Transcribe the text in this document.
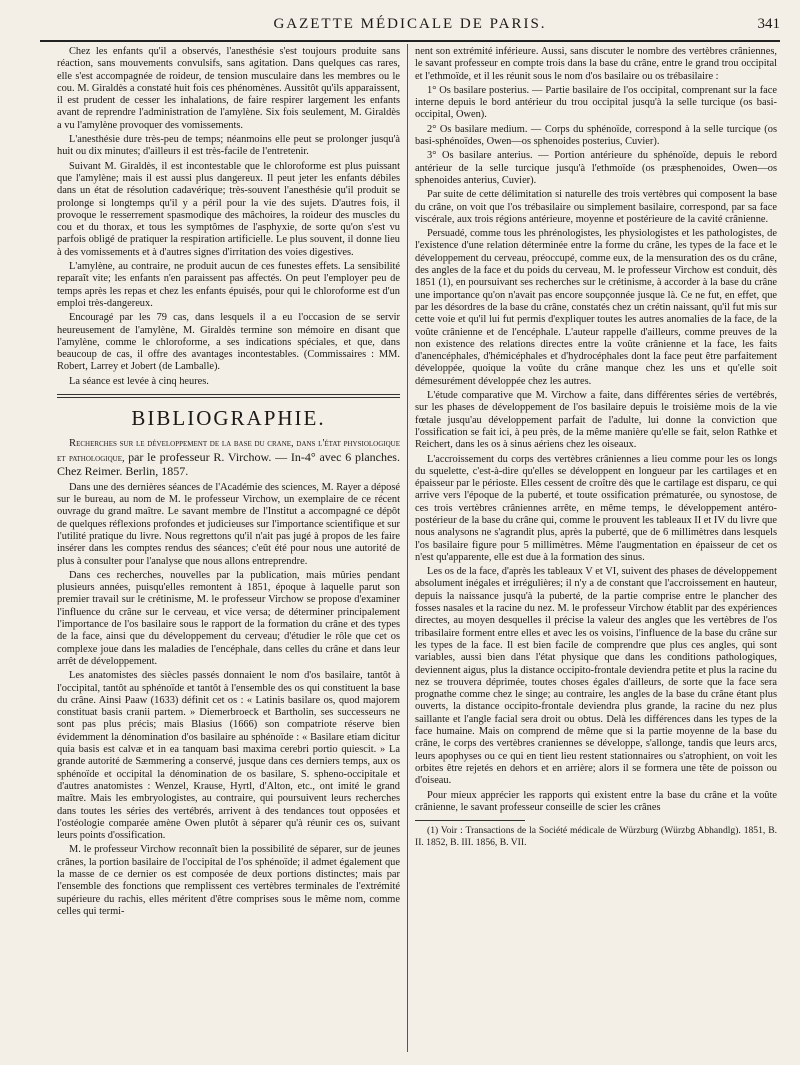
GAZETTE MÉDICALE DE PARIS.	341

Chez les enfants qu'il a observés, l'anesthésie s'est toujours produite sans réaction, sans mouvements convulsifs, sans agitation. Dans quelques cas rares, elle s'est accompagnée de roideur, de tension musculaire dans les membres ou le cou. M. Giraldès a constaté huit fois ces phénomènes. Aussitôt qu'ils apparaissent, il est prudent de cesser les inhalations, de faire respirer largement les enfants avant de reprendre l'administration de l'amylène. Six fois seulement, M. Giraldès a vu l'amylène provoquer des vomissements.

L'anesthésie dure très-peu de temps; néanmoins elle peut se prolonger jusqu'à huit ou dix minutes; d'ailleurs il est très-facile de l'entretenir.

Suivant M. Giraldès, il est incontestable que le chloroforme est plus puissant que l'amylène; mais il est aussi plus dangereux. Il peut jeter les enfants débiles dans un état de résolution cadavérique; très-souvent l'anesthésie qu'il produit se prolonge si longtemps qu'il y a péril pour la vie des sujets. D'autres fois, il provoque le resserrement spasmodique des mâchoires, la roideur des muscles du cou et du thorax, et tous les symptômes de l'asphyxie, de sorte qu'on s'est vu parfois obligé de pratiquer la respiration artificielle. Le plus souvent, il donne lieu à des vomissements et à d'autres signes d'irritation des voies digestives.

L'amylène, au contraire, ne produit aucun de ces funestes effets. La sensibilité reparaît vite; les enfants n'en paraissent pas affectés. On peut l'employer peu de temps après les repas et chez les enfants épuisés, pour qui le chloroforme est d'un emploi très-dangereux.

Encouragé par les 79 cas, dans lesquels il a eu l'occasion de se servir heureusement de l'amylène, M. Giraldès termine son mémoire en disant que l'amylène, comme le chloroforme, a ses indications spéciales, et que, dans beaucoup de cas, il offre des avantages incontestables. (Commissaires : MM. Robert, Larrey et Jobert (de Lamballe).

La séance est levée à cinq heures.

BIBLIOGRAPHIE.

Recherches sur le développement de la base du crane, dans l'état physiologique et pathologique, par le professeur R. Virchow. — In-4° avec 6 planches. Chez Reimer. Berlin, 1857.

Dans une des dernières séances de l'Académie des sciences, M. Rayer a déposé sur le bureau, au nom de M. le professeur Virchow, un exemplaire de ce récent ouvrage du grand maître. Le savant membre de l'Institut a accompagné ce dépôt de quelques réflexions profondes et judicieuses sur l'importance scientifique et sur l'utilité pratique du livre. Nous regrettons qu'il n'ait pas jugé à propos de les faire insérer dans les comptes rendus des séances; c'eût été pour nous une autorité de plus à consulter pour l'analyse que nous allons entreprendre.

Dans ces recherches, nouvelles par la publication, mais mûries pendant plusieurs années, puisqu'elles remontent à 1851, époque à laquelle parut son premier travail sur le crétinisme, M. le professeur Virchow se propose d'examiner l'influence du crâne sur le cerveau, et vice versa; de déterminer principalement l'importance de l'os basilaire sous le rapport de la formation du crâne et des types de la face, ainsi que du développement du cerveau; d'étudier le rôle que cet os complexe joue dans les maladies de l'encéphale, dans celles du crâne et dans leur arrêt de développement.

Les anatomistes des siècles passés donnaient le nom d'os basilaire, tantôt à l'occipital, tantôt au sphénoïde et tantôt à l'ensemble des os qui constituent la base du crâne. Ainsi Paaw (1633) définit cet os : « Latinis basilare os, quod majorem constituat basis cranii partem. » Diemerbroeck et Bartholin, ses successeurs ne sont pas plus précis; mais Blasius (1666) son compatriote réserve bien évidemment la dénomination d'os basilaire au sphénoïde : « Basilare etiam dicitur quia basis est calvæ et in ea tanquam basi maxima cerebri portio quiescit. » La grande autorité de Sæmmering a conservé, jusque dans ces derniers temps, aux os sphénoïde et occipital la dénomination de os basilare, S. spheno-occipitale et d'autres anatomistes : Wenzel, Krause, Hyrtl, d'Alton, etc., ont imité le grand maître. Mais les embryologistes, au contraire, qui poursuivent leurs recherches dans toutes les séries des vertébrés, arrivent à des tendances tout opposées et l'ostéologie comparée amène Owen plutôt à séparer qu'à réunir ces os, suivant leurs points d'ossification.

M. le professeur Virchow reconnaît bien la possibilité de séparer, sur de jeunes crânes, la portion basilaire de l'occipital de l'os sphénoïde; il admet également que la masse de ce dernier os est composée de deux portions distinctes; mais par l'ensemble des fonctions que remplissent ces vertèbres terminales de l'extrémité supérieure du rachis, elles méritent d'être comprises sous le même nom, comme celles qui termi-

nent son extrémité inférieure. Aussi, sans discuter le nombre des vertèbres crâniennes, le savant professeur en compte trois dans la base du crâne, entre le grand trou occipital et l'ethmoïde, et il les réunit sous le nom d'os basilaire ou os trébasilaire :

1° Os basilare posterius. — Partie basilaire de l'os occipital, comprenant sur la face interne depuis le bord antérieur du trou occipital jusqu'à la selle turcique (os basi-occipital, Owen).

2° Os basilare medium. — Corps du sphénoïde, correspond à la selle turcique (os basi-sphénoïdes, Owen—os sphenoides posterius, Cuvier).

3° Os basilare anterius. — Portion antérieure du sphénoïde, depuis le rebord antérieur de la selle turcique jusqu'à l'ethmoïde (os præsphenoides, Owen—os sphenoides anterius, Cuvier).

Par suite de cette délimitation si naturelle des trois vertèbres qui composent la base du crâne, on voit que l'os trébasilaire ou simplement basilaire, correspond, par sa face viscérale, aux trois régions antérieure, moyenne et postérieure de la cavité crânienne.

Persuadé, comme tous les phrénologistes, les physiologistes et les pathologistes, de l'existence d'une relation déterminée entre la forme du crâne, les types de la face et le développement du cerveau, préoccupé, comme eux, de la mensuration des os du crâne, des angles de la face et du poids du cerveau, M. le professeur Virchow est conduit, dès 1851 (1), en poursuivant ses recherches sur le crétinisme, à accorder à la base du crâne une importance qu'on n'avait pas encore soupçonnée jusque là. Ce ne fut, en effet, que par les désordres de la base du crâne, constatés chez un crétin naissant, qu'il fut mis sur cette voie et qu'il lui fut permis d'expliquer toutes les autres anomalies de la face, de la voûte crânienne et de l'encéphale. L'auteur rappelle d'ailleurs, comme preuves de la non existence des relations directes entre la voûte crânienne et la face, les faits d'anencéphales, d'hémicéphales et d'hydrocéphales dont la face peut être parfaitement développée, quoique la voûte du crâne manque chez les uns et qu'elle soit démesurément développée chez les autres.

L'étude comparative que M. Virchow a faite, dans différentes séries de vertébrés, sur les phases de développement de l'os basilaire depuis le troisième mois de la vie fœtale jusqu'au développement parfait de l'adulte, lui donne la conviction que l'ossification se fait ici, à peu près, de la même manière qu'elle se fait, selon Rathke et Reichert, dans les os à sinus aériens chez les oiseaux.

L'accroissement du corps des vertèbres crâniennes a lieu comme pour les os longs du squelette, c'est-à-dire qu'elles se développent en longueur par les cartilages et en épaisseur par le périoste. Elles cessent de croître dès que le cartilage est disparu, ce qui arrive vers l'époque de la puberté, et toute ossification prématurée, ou synostose, de ces trois vertèbres crâniennes arrête, en même temps, le développement antéro-postérieur de la base du crâne qui, comme le prouvent les tableaux II et IV du livre que nous analysons ne s'agrandit plus, après la puberté, que de 6 millimètres dans lesquels l'os basilaire figure pour 5 millimètres. Même l'augmentation en épaisseur de cet os n'est qu'apparente, elle est due à la formation des sinus.

Les os de la face, d'après les tableaux V et VI, suivent des phases de développement absolument inégales et irrégulières; il n'y a de constant que l'accroissement en hauteur, depuis la naissance jusqu'à la puberté, de la partie comprise entre le plancher des fosses nasales et la racine du nez. M. le professeur Virchow établit par des expériences directes, au moyen desquelles il précise la valeur des angles que les vertèbres de l'os tribasilaire forment entre elles et avec les os voisins, l'influence de la base du crâne sur les types de la face. Il est bien facile de comprendre que plus ces angles, qui sont variables, aussi bien dans l'état physique que dans les conditions pathologiques, deviennent aigus, plus la distance occipito-frontale deviendra petite et plus la racine du nez se trouvera déprimée, toutes choses égales d'ailleurs, de sorte que la face sera prognathe comme chez le singe; au contraire, les angles de la base du crâne étant plus ouverts, la distance occipito-frontale deviendra plus grande, la racine du nez plus saillante et l'angle facial sera droit ou obtus. Delà les différences dans les types de la face humaine. Mais on comprend de même que si la partie moyenne de la base du crâne, le corps des vertèbres craniennes se développe, s'allonge, tandis que leurs arcs, leurs apophyses ou ce qui en tient lieu restent stationnaires ou s'atrophient, on voit les orbites être rejetés en dehors et en arrière; alors il se formera une tête de poisson ou d'oiseau.

Pour mieux apprécier les rapports qui existent entre la base du crâne et la voûte crânienne, le savant professeur conseille de scier les crânes

(1) Voir : Transactions de la Société médicale de Würzburg (Würzbg Abhandlg). 1851, B. II. 1852, B. III. 1856, B. VII.
